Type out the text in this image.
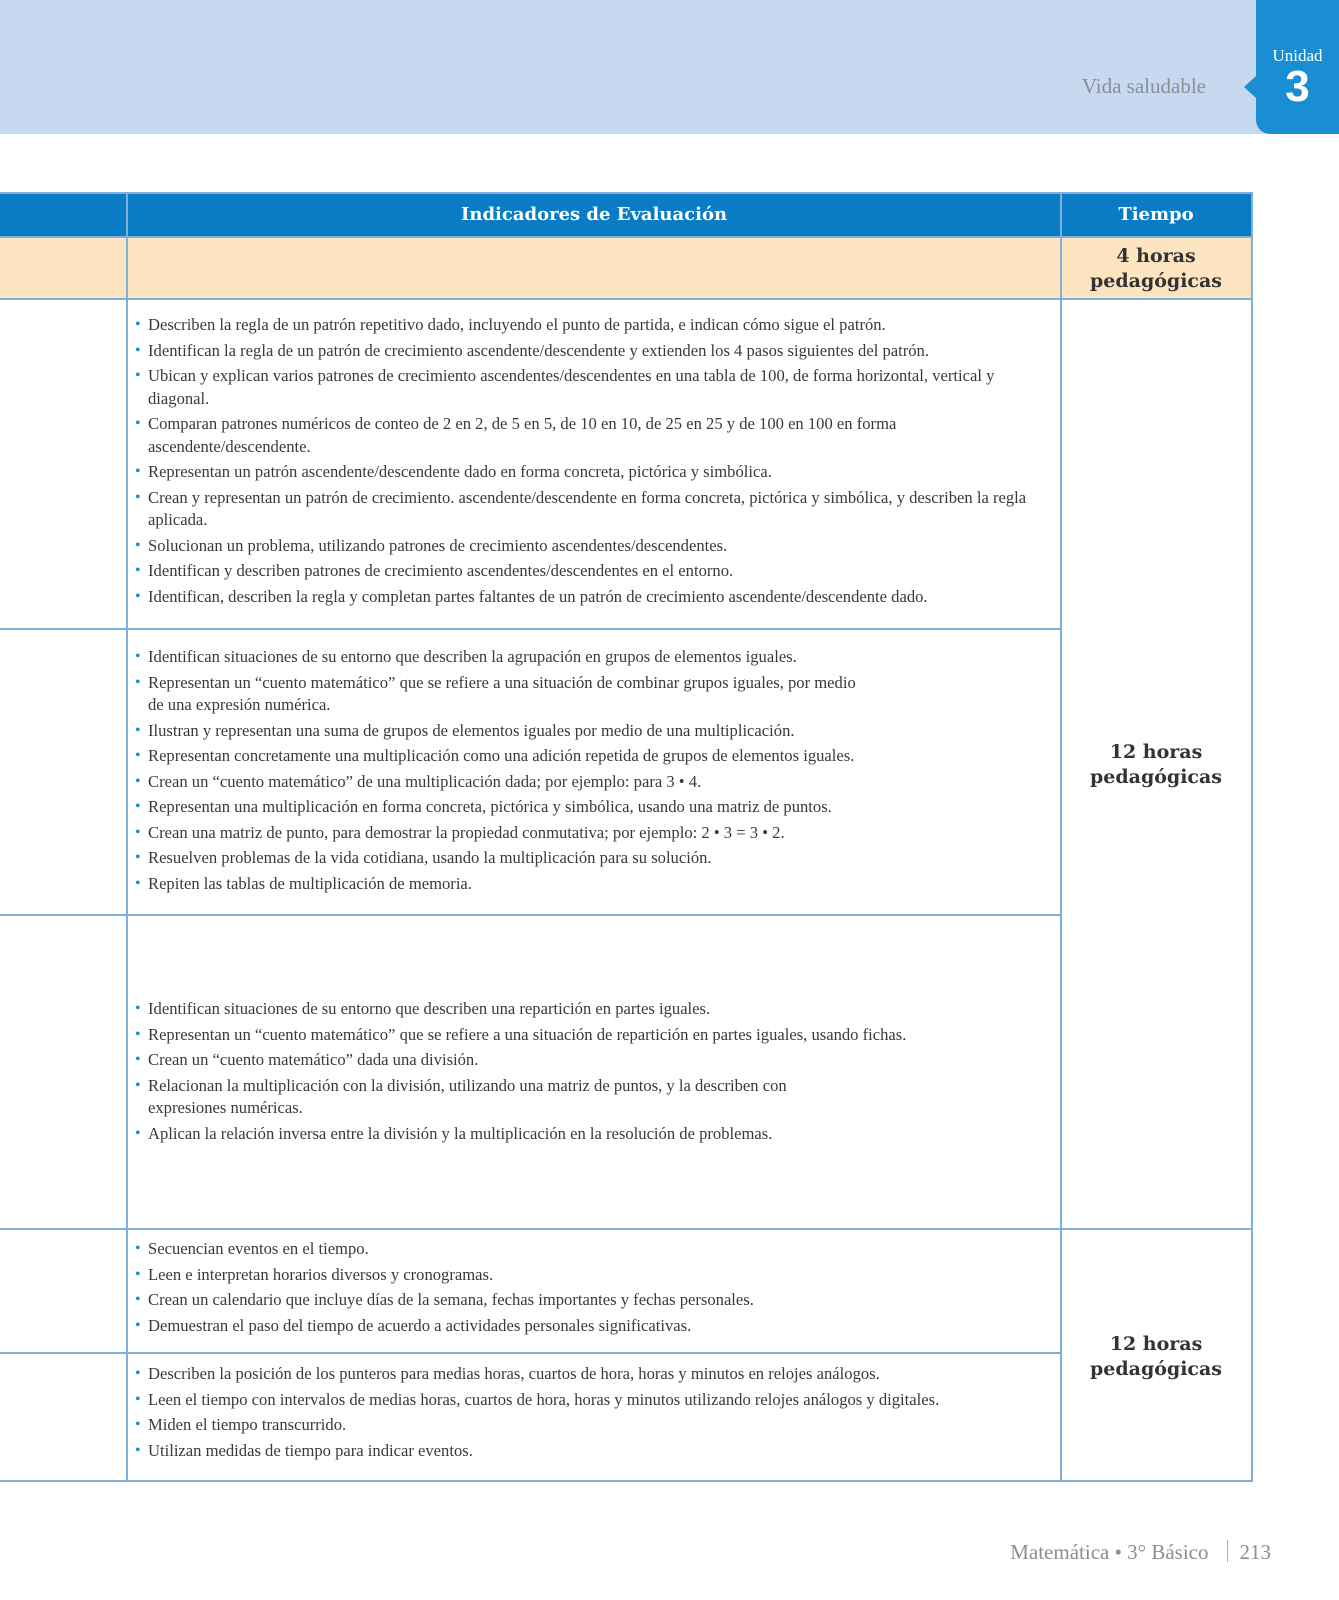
Vida saludable
Unidad
3
Indicadores de Evaluación	Tiempo
4 horas
pedagógicas
12 horas
pedagógicas
12 horas
pedagógicas
• Describen la regla de un patrón repetitivo dado, incluyendo el punto de partida, e indican cómo sigue el patrón.
• Identifican la regla de un patrón de crecimiento ascendente/descendente y extienden los 4 pasos siguientes del patrón.
• Ubican y explican varios patrones de crecimiento ascendentes/descendentes en una tabla de 100, de forma horizontal, vertical y diagonal.
• Comparan patrones numéricos de conteo de 2 en 2, de 5 en 5, de 10 en 10, de 25 en 25 y de 100 en 100 en forma ascendente/descendente.
• Representan un patrón ascendente/descendente dado en forma concreta, pictórica y simbólica.
• Crean y representan un patrón de crecimiento. ascendente/descendente en forma concreta, pictórica y simbólica, y describen la regla aplicada.
• Solucionan un problema, utilizando patrones de crecimiento ascendentes/descendentes.
• Identifican y describen patrones de crecimiento ascendentes/descendentes en el entorno.
• Identifican, describen la regla y completan partes faltantes de un patrón de crecimiento ascendente/descendente dado.
• Identifican situaciones de su entorno que describen la agrupación en grupos de elementos iguales.
• Representan un “cuento matemático” que se refiere a una situación de combinar grupos iguales, por medio de una expresión numérica.
• Ilustran y representan una suma de grupos de elementos iguales por medio de una multiplicación.
• Representan concretamente una multiplicación como una adición repetida de grupos de elementos iguales.
• Crean un “cuento matemático” de una multiplicación dada; por ejemplo: para 3 • 4.
• Representan una multiplicación en forma concreta, pictórica y simbólica, usando una matriz de puntos.
• Crean una matriz de punto, para demostrar la propiedad conmutativa; por ejemplo: 2 • 3 = 3 • 2.
• Resuelven problemas de la vida cotidiana, usando la multiplicación para su solución.
• Repiten las tablas de multiplicación de memoria.
• Identifican situaciones de su entorno que describen una repartición en partes iguales.
• Representan un “cuento matemático” que se refiere a una situación de repartición en partes iguales, usando fichas.
• Crean un “cuento matemático” dada una división.
• Relacionan la multiplicación con la división, utilizando una matriz de puntos, y la describen con expresiones numéricas.
• Aplican la relación inversa entre la división y la multiplicación en la resolución de problemas.
• Secuencian eventos en el tiempo.
• Leen e interpretan horarios diversos y cronogramas.
• Crean un calendario que incluye días de la semana, fechas importantes y fechas personales.
• Demuestran el paso del tiempo de acuerdo a actividades personales significativas.
• Describen la posición de los punteros para medias horas, cuartos de hora, horas y minutos en relojes análogos.
• Leen el tiempo con intervalos de medias horas, cuartos de hora, horas y minutos utilizando relojes análogos y digitales.
• Miden el tiempo transcurrido.
• Utilizan medidas de tiempo para indicar eventos.
Matemática • 3° Básico 213
